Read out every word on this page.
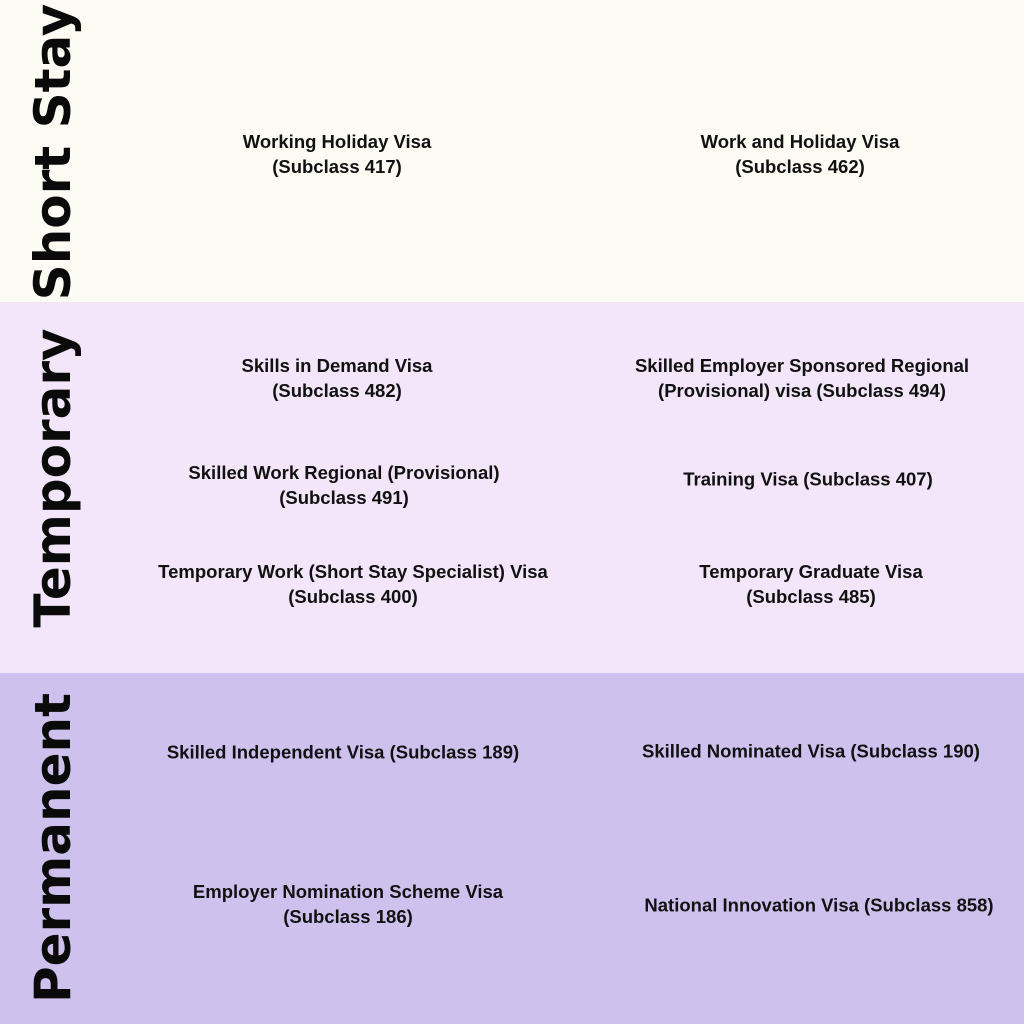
Short Stay
Temporary
Permanent
Working Holiday Visa
(Subclass 417)
Work and Holiday Visa
(Subclass 462)
Skills in Demand Visa
(Subclass 482)
Skilled Employer Sponsored Regional
(Provisional) visa (Subclass 494)
Skilled Work Regional (Provisional)
(Subclass 491)
Training Visa (Subclass 407)
Temporary Work (Short Stay Specialist) Visa
(Subclass 400)
Temporary Graduate Visa
(Subclass 485)
Skilled Independent Visa (Subclass 189)	Skilled Nominated Visa (Subclass 190)
Employer Nomination Scheme Visa
(Subclass 186)
National Innovation Visa (Subclass 858)
